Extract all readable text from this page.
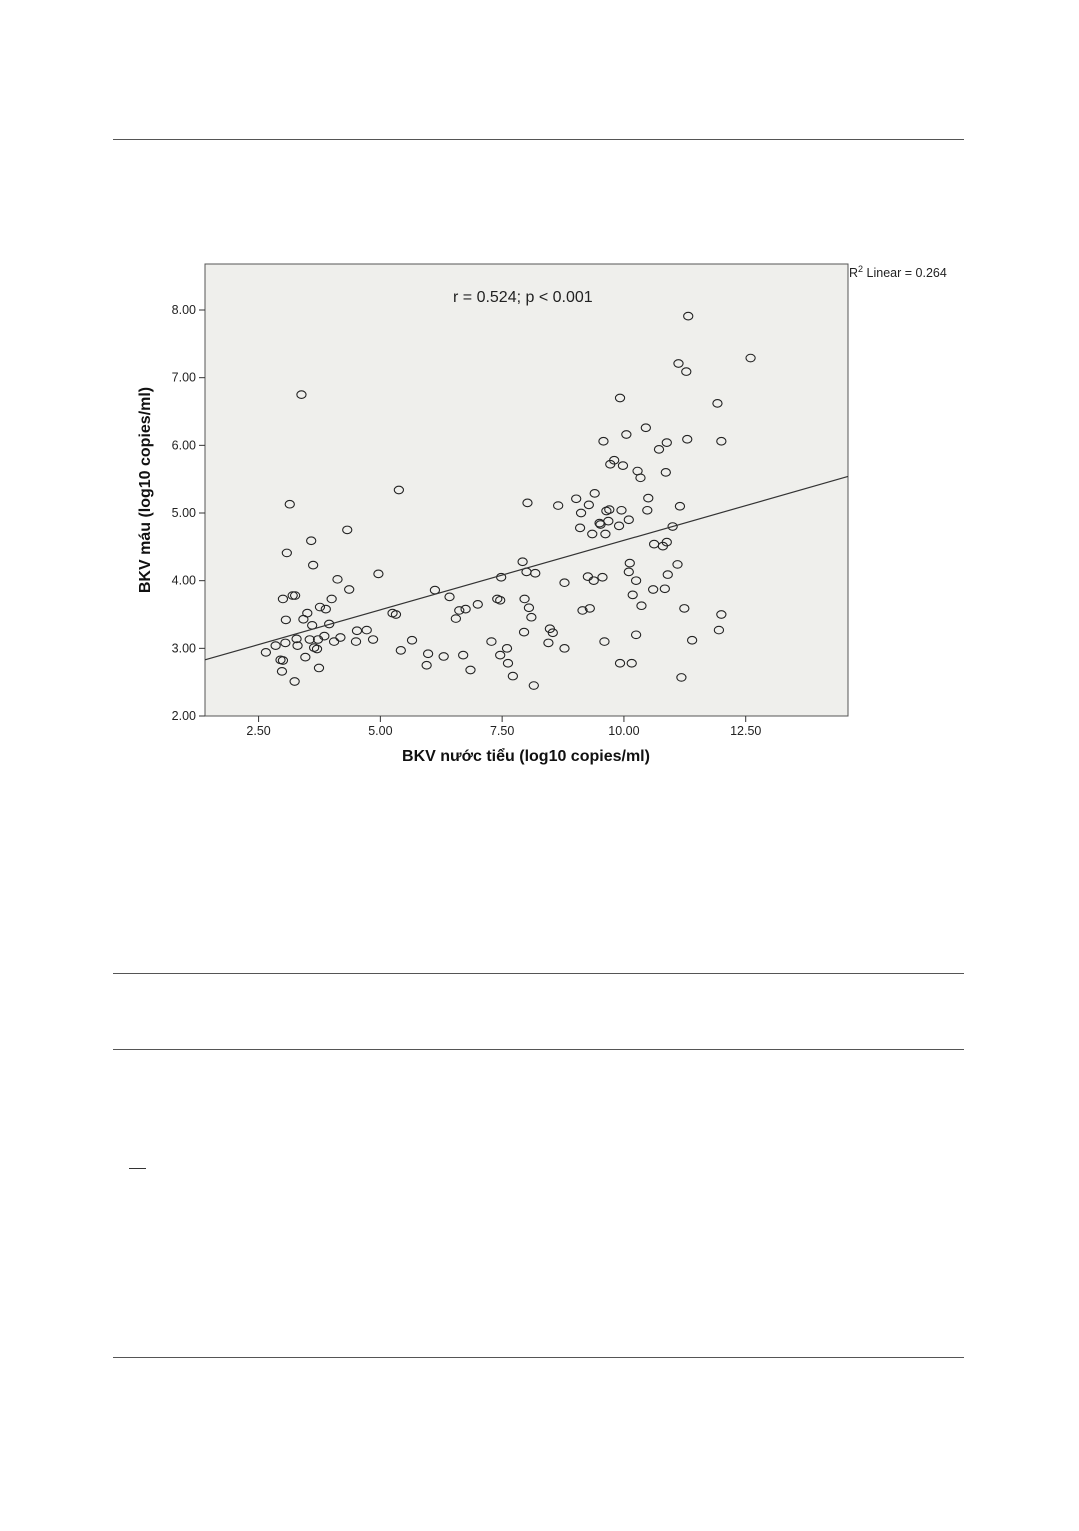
2.00
3.00
4.00
5.00
6.00
7.00
8.00
2.50	5.00	7.50	10.00	12.50
r = 0.524; p < 0.001
$R^2$ Linear = 0.264
BKV nước tiểu (log10 copies/ml)
BKV máu (log10 copies/ml)
